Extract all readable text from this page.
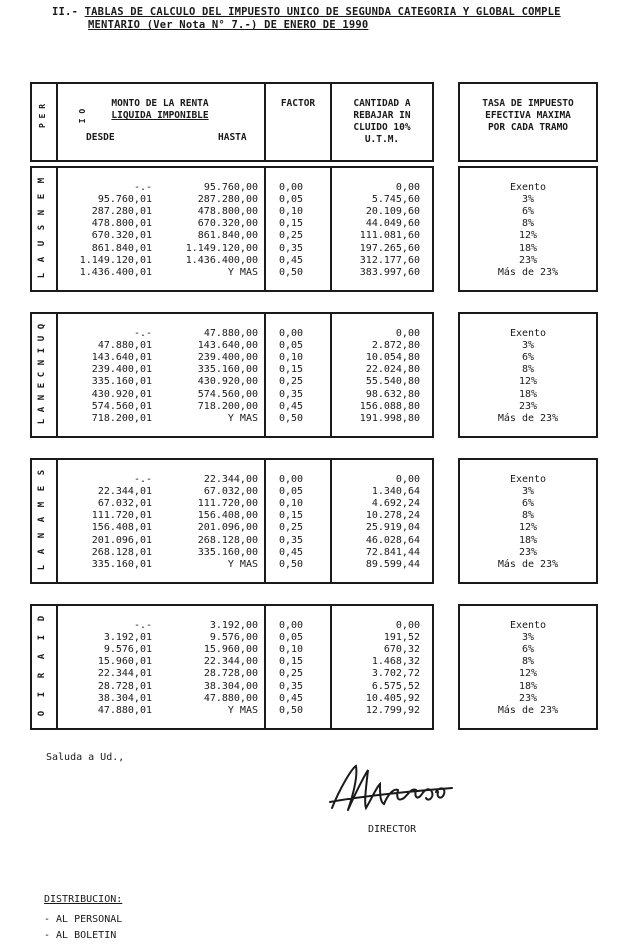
II.- TABLAS DE CALCULO DEL IMPUESTO UNICO DE SEGUNDA CATEGORIA Y GLOBAL COMPLE
MENTARIO (Ver Nota N° 7.-) DE ENERO DE 1990
P E R I O
MONTO DE LA RENTA
LIQUIDA IMPONIBLE
DESDE	HASTA
FACTOR	CANTIDAD A
REBAJAR IN
CLUIDO 10%
U.T.M.
TASA DE IMPUESTO
EFECTIVA MAXIMA
POR CADA TRAMO
M
E
N
S
U
A
L
-.-	95.760,00	0,00	0,00	Exento
95.760,01	287.280,00	0,05	5.745,60	3%
287.280,01	478.800,00	0,10	20.109,60	6%
478.800,01	670.320,00	0,15	44.049,60	8%
670.320,01	861.840,00	0,25	111.081,60	12%
861.840,01	1.149.120,00	0,35	197.265,60	18%
1.149.120,01	1.436.400,00	0,45	312.177,60	23%
1.436.400,01	Y MAS	0,50	383.997,60	Más de 23%
Q
U
I
N
C
E
N
A
L
-.-	47.880,00	0,00	0,00	Exento
47.880,01	143.640,00	0,05	2.872,80	3%
143.640,01	239.400,00	0,10	10.054,80	6%
239.400,01	335.160,00	0,15	22.024,80	8%
335.160,01	430.920,00	0,25	55.540,80	12%
430.920,01	574.560,00	0,35	98.632,80	18%
574.560,01	718.200,00	0,45	156.088,80	23%
718.200,01	Y MAS	0,50	191.998,80	Más de 23%
S
E
M
A
N
A
L
-.-	22.344,00	0,00	0,00	Exento
22.344,01	67.032,00	0,05	1.340,64	3%
67.032,01	111.720,00	0,10	4.692,24	6%
111.720,01	156.408,00	0,15	10.278,24	8%
156.408,01	201.096,00	0,25	25.919,04	12%
201.096,01	268.128,00	0,35	46.028,64	18%
268.128,01	335.160,00	0,45	72.841,44	23%
335.160,01	Y MAS	0,50	89.599,44	Más de 23%
D
I
A
R
I
O
-.-	3.192,00	0,00	0,00	Exento
3.192,01	9.576,00	0,05	191,52	3%
9.576,01	15.960,00	0,10	670,32	6%
15.960,01	22.344,00	0,15	1.468,32	8%
22.344,01	28.728,00	0,25	3.702,72	12%
28.728,01	38.304,00	0,35	6.575,52	18%
38.304,01	47.880,00	0,45	10.405,92	23%
47.880,01	Y MAS	0,50	12.799,92	Más de 23%
Saluda a Ud.,
DIRECTOR
DISTRIBUCION:
- AL PERSONAL
- AL BOLETIN
